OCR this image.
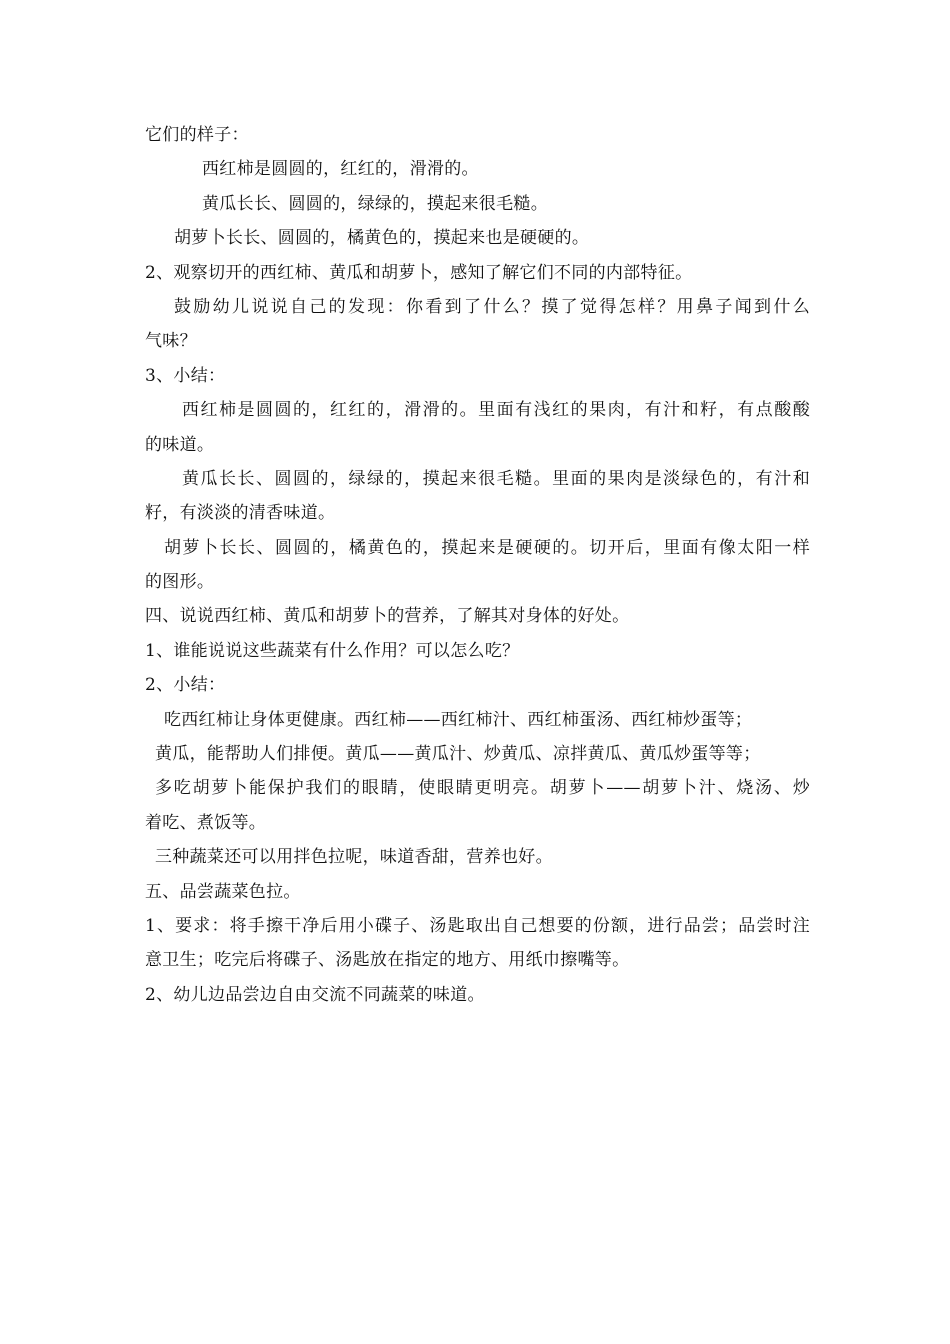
它们的样子：
西红柿是圆圆的，红红的，滑滑的。
黄瓜长长、圆圆的，绿绿的，摸起来很毛糙。
胡萝卜长长、圆圆的，橘黄色的，摸起来也是硬硬的。
2、观察切开的西红柿、黄瓜和胡萝卜，感知了解它们不同的内部特征。
鼓励幼儿说说自己的发现：你看到了什么？摸了觉得怎样？用鼻子闻到什么
气味？
3、小结：
西红柿是圆圆的，红红的，滑滑的。里面有浅红的果肉，有汁和籽，有点酸酸
的味道。
黄瓜长长、圆圆的，绿绿的，摸起来很毛糙。里面的果肉是淡绿色的，有汁和
籽，有淡淡的清香味道。
胡萝卜长长、圆圆的，橘黄色的，摸起来是硬硬的。切开后，里面有像太阳一样
的图形。
四、说说西红柿、黄瓜和胡萝卜的营养，了解其对身体的好处。
1、谁能说说这些蔬菜有什么作用？可以怎么吃？
2、小结：
吃西红柿让身体更健康。西红柿——西红柿汁、西红柿蛋汤、西红柿炒蛋等；
黄瓜，能帮助人们排便。黄瓜——黄瓜汁、炒黄瓜、凉拌黄瓜、黄瓜炒蛋等等；
多吃胡萝卜能保护我们的眼睛，使眼睛更明亮。胡萝卜——胡萝卜汁、烧汤、炒
着吃、煮饭等。
三种蔬菜还可以用拌色拉呢，味道香甜，营养也好。
五、品尝蔬菜色拉。
1、要求：将手擦干净后用小碟子、汤匙取出自己想要的份额，进行品尝；品尝时注
意卫生；吃完后将碟子、汤匙放在指定的地方、用纸巾擦嘴等。
2、幼儿边品尝边自由交流不同蔬菜的味道。
